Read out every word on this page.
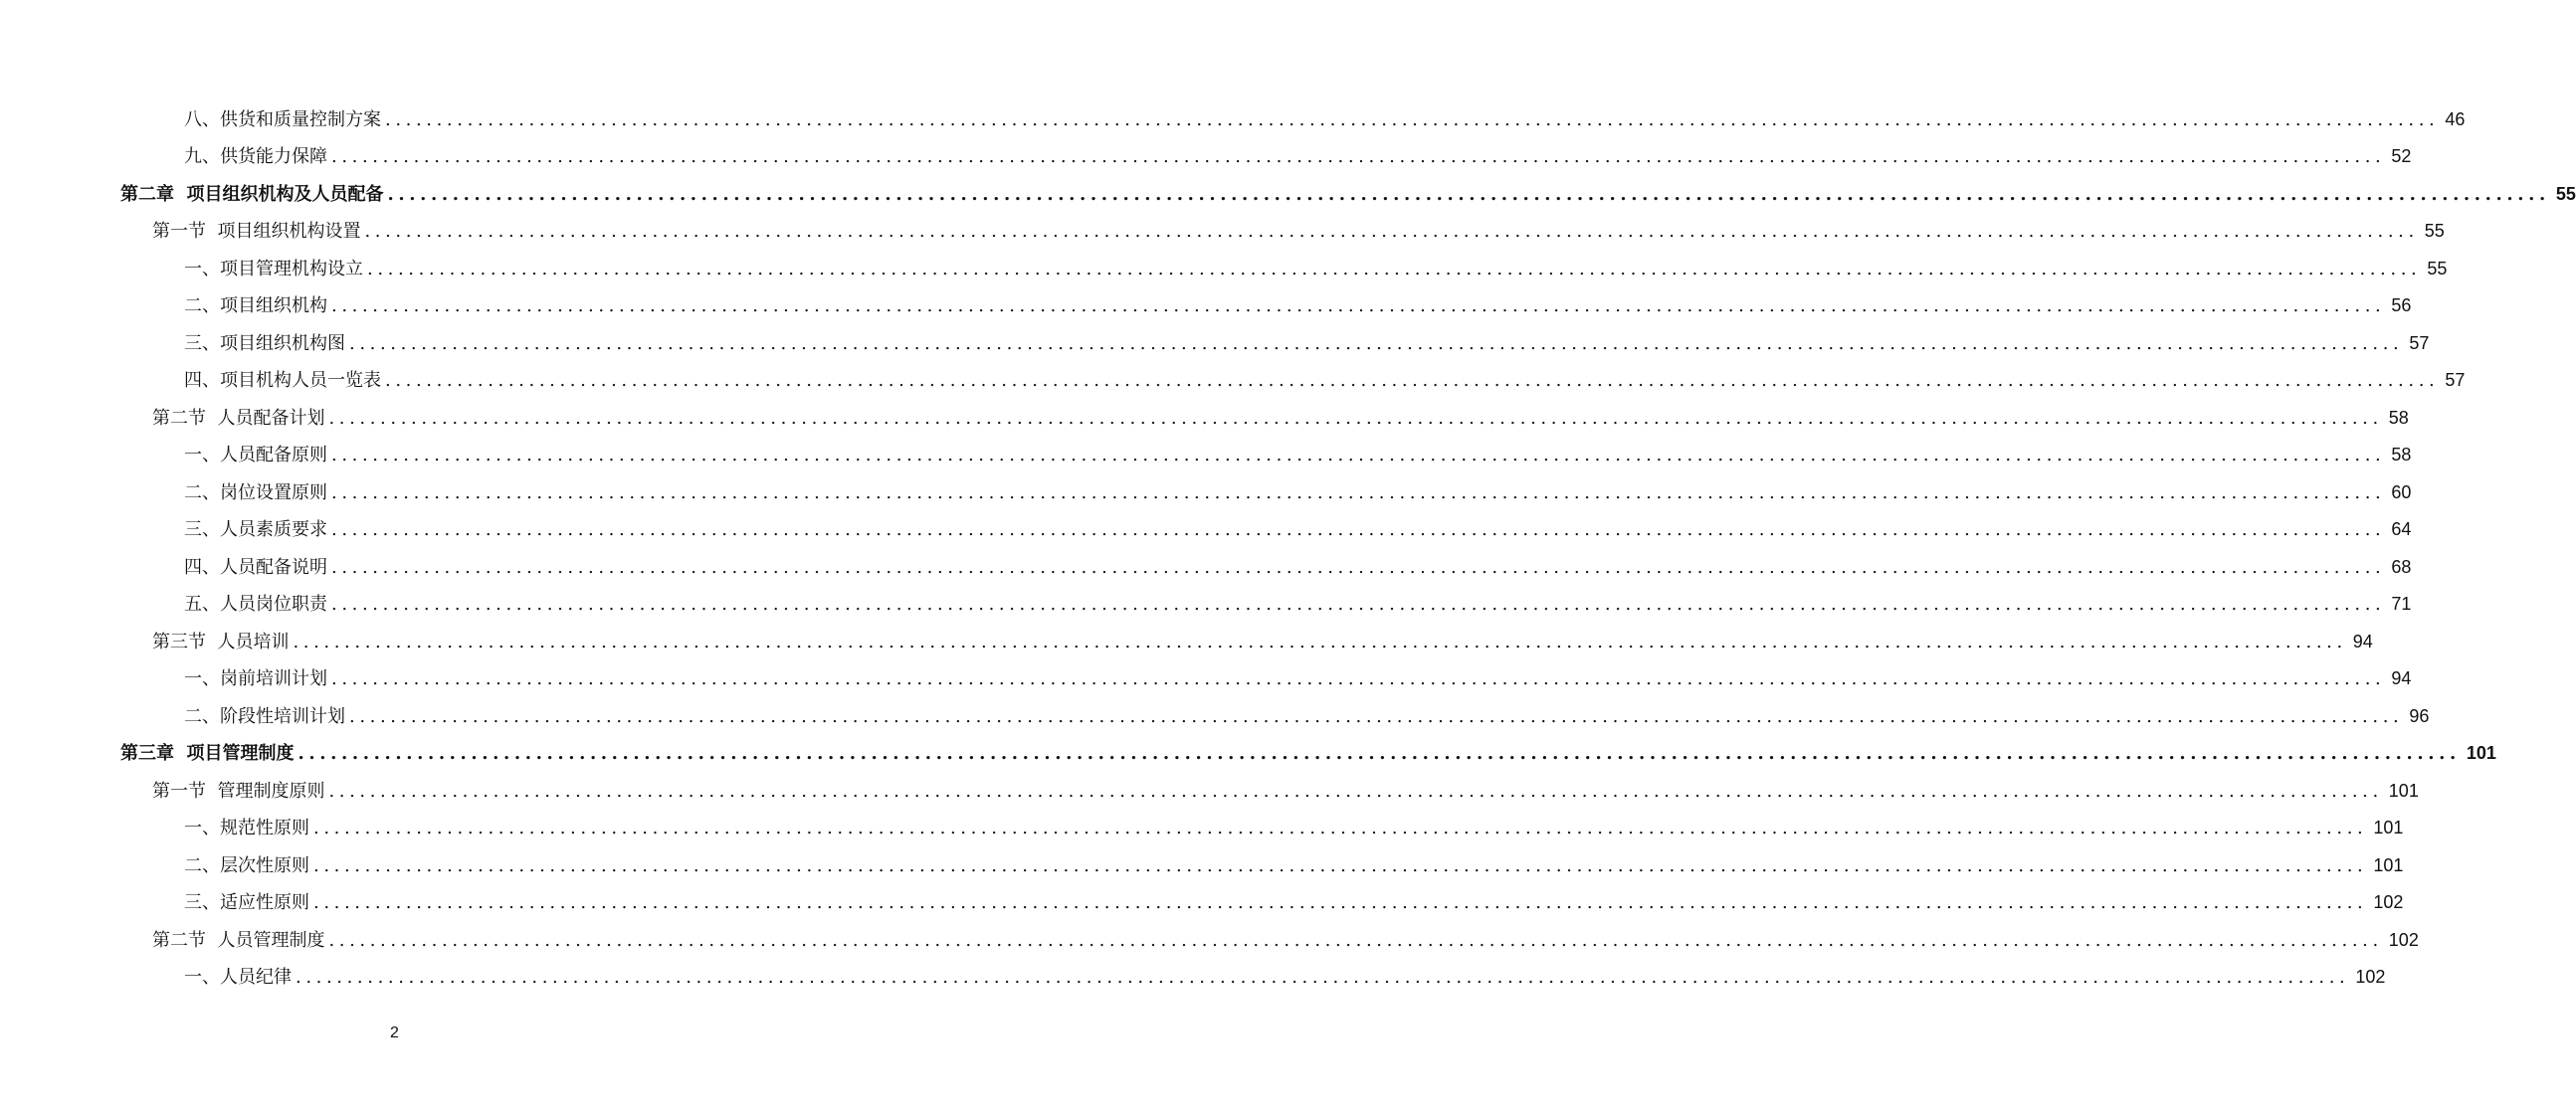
八、供货和质量控制方案 ........................................................................................................................................................................................................ 46
九、供货能力保障 ........................................................................................................................................................................................................ 52
第二章  项目组织机构及人员配备 ........................................................................................................................................................................................................ 55
第一节  项目组织机构设置 ........................................................................................................................................................................................................ 55
一、项目管理机构设立 ........................................................................................................................................................................................................ 55
二、项目组织机构 ........................................................................................................................................................................................................ 56
三、项目组织机构图 ........................................................................................................................................................................................................ 57
四、项目机构人员一览表 ........................................................................................................................................................................................................ 57
第二节  人员配备计划 ........................................................................................................................................................................................................ 58
一、人员配备原则 ........................................................................................................................................................................................................ 58
二、岗位设置原则 ........................................................................................................................................................................................................ 60
三、人员素质要求 ........................................................................................................................................................................................................ 64
四、人员配备说明 ........................................................................................................................................................................................................ 68
五、人员岗位职责 ........................................................................................................................................................................................................ 71
第三节  人员培训 ........................................................................................................................................................................................................ 94
一、岗前培训计划 ........................................................................................................................................................................................................ 94
二、阶段性培训计划 ........................................................................................................................................................................................................ 96
第三章  项目管理制度 ........................................................................................................................................................................................................ 101
第一节  管理制度原则 ........................................................................................................................................................................................................ 101
一、规范性原则 ........................................................................................................................................................................................................ 101
二、层次性原则 ........................................................................................................................................................................................................ 101
三、适应性原则 ........................................................................................................................................................................................................ 102
第二节  人员管理制度 ........................................................................................................................................................................................................ 102
一、人员纪律 ........................................................................................................................................................................................................ 102
2
